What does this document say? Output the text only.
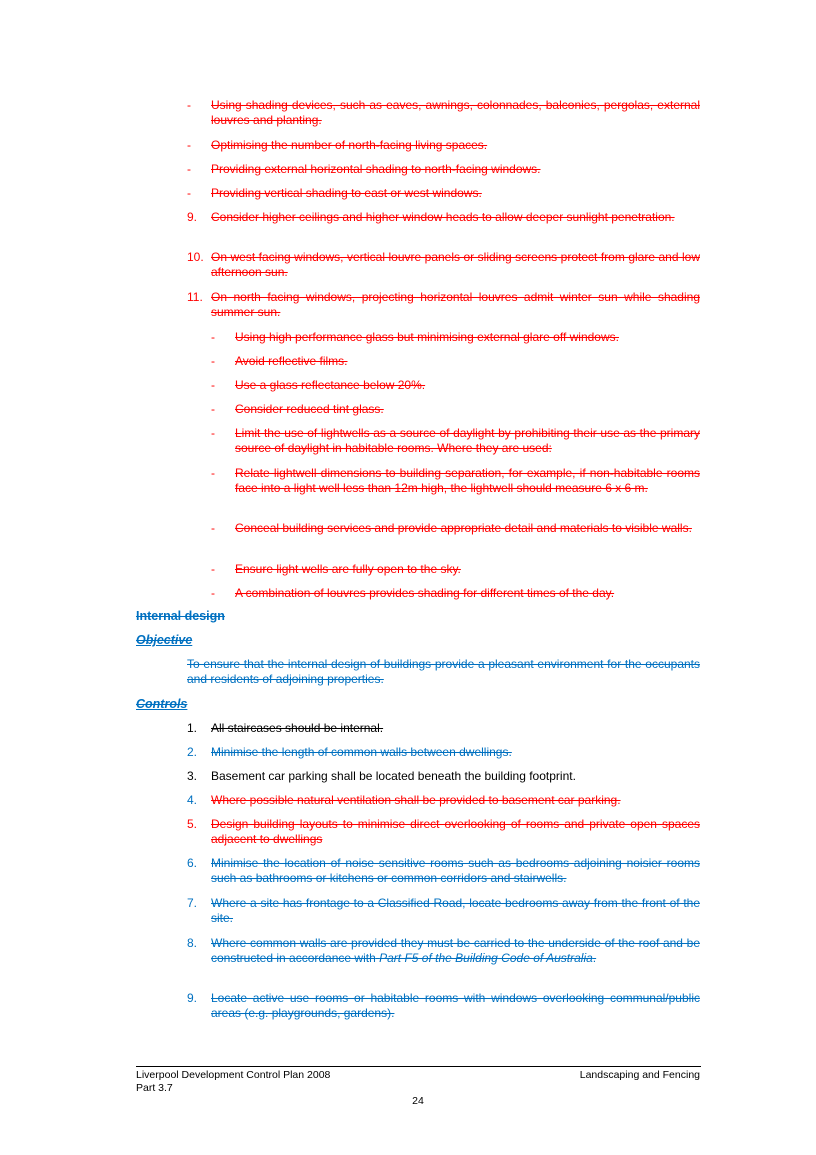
-	Using shading devices, such as eaves, awnings, colonnades, balconies, pergolas, external louvres and planting.
- Optimising the number of north-facing living spaces.
- Providing external horizontal shading to north-facing windows.
- Providing vertical shading to east or west windows.
9. Consider higher ceilings and higher window heads to allow deeper sunlight penetration.
10. On west facing windows, vertical louvre panels or sliding screens protect from glare and low afternoon sun.
11. On north facing windows, projecting horizontal louvres admit winter sun while shading summer sun.
- Using high performance glass but minimising external glare off windows.
- Avoid reflective films.
- Use a glass reflectance below 20%.
- Consider reduced tint glass.
- Limit the use of lightwells as a source of daylight by prohibiting their use as the primary source of daylight in habitable rooms. Where they are used:
- Relate lightwell dimensions to building separation, for example, if non-habitable rooms face into a light well less than 12m high, the lightwell should measure 6 x 6 m.
- Conceal building services and provide appropriate detail and materials to visible walls.
- Ensure light wells are fully open to the sky.
- A combination of louvres provides shading for different times of the day.
Internal design
Objective
To ensure that the internal design of buildings provide a pleasant environment for the occupants and residents of adjoining properties.
Controls
1. All staircases should be internal.
2. Minimise the length of common walls between dwellings.
3. Basement car parking shall be located beneath the building footprint.
4. Where possible natural ventilation shall be provided to basement car parking.
5. Design building layouts to minimise direct overlooking of rooms and private open spaces adjacent to dwellings
6. Minimise the location of noise sensitive rooms such as bedrooms adjoining noisier rooms such as bathrooms or kitchens or common corridors and stairwells.
7. Where a site has frontage to a Classified Road, locate bedrooms away from the front of the site.
8. Where common walls are provided they must be carried to the underside of the roof and be constructed in accordance with Part F5 of the Building Code of Australia.
9. Locate active use rooms or habitable rooms with windows overlooking communal/public areas (e.g. playgrounds, gardens).
Liverpool Development Control Plan 2008
Part 3.7
Landscaping and Fencing
24
